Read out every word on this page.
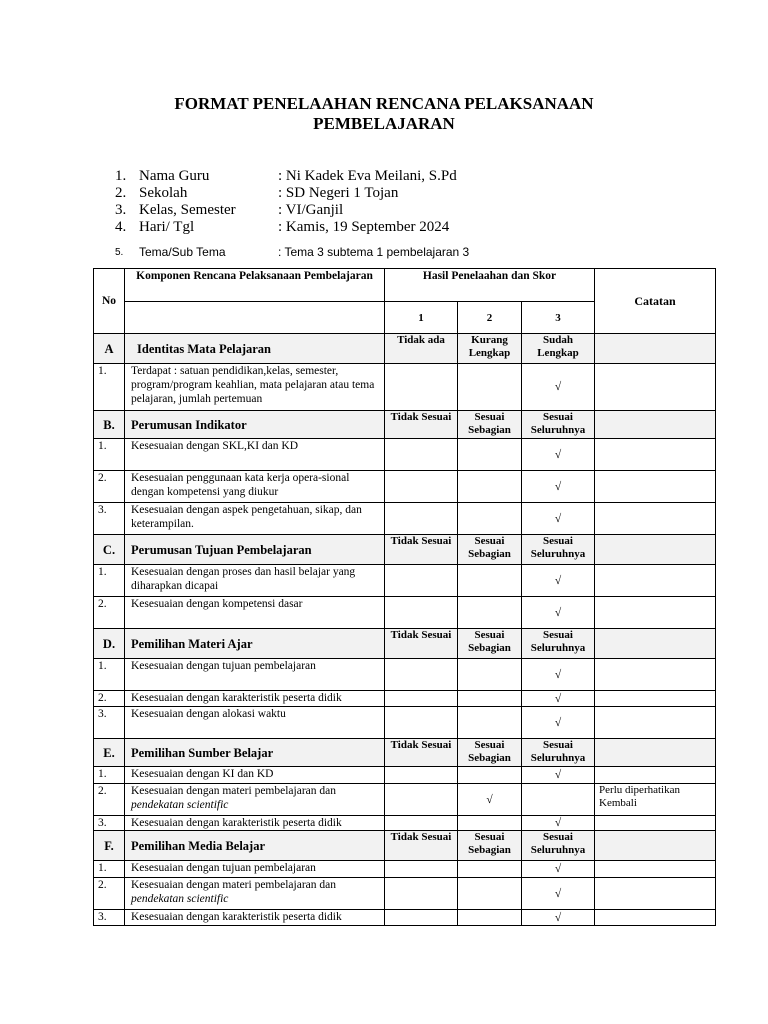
FORMAT PENELAAHAN RENCANA PELAKSANAAN
PEMBELAJARAN
1. Nama Guru	: Ni Kadek Eva Meilani, S.Pd
2. Sekolah	: SD Negeri 1 Tojan
3. Kelas, Semester	: VI/Ganjil
4. Hari/ Tgl	: Kamis, 19 September 2024
5.	Tema/Sub Tema	: Tema 3 subtema 1 pembelajaran 3
No	Komponen Rencana Pelaksanaan Pembelajaran	Hasil Penelaahan dan Skor			Catatan
		1	2	3	
A	Identitas Mata Pelajaran	Tidak ada	Kurang Lengkap	Sudah Lengkap	
1.	Terdapat : satuan pendidikan,kelas, semester, program/program keahlian, mata pelajaran atau tema pelajaran, jumlah pertemuan			√	
B.	Perumusan Indikator	Tidak Sesuai	Sesuai Sebagian	Sesuai Seluruhnya	
1.	Kesesuaian dengan SKL,KI dan KD			√	
2.	Kesesuaian penggunaan kata kerja opera-sional dengan kompetensi yang diukur			√	
3.	Kesesuaian dengan aspek pengetahuan, sikap, dan keterampilan.			√	
C.	Perumusan Tujuan Pembelajaran	Tidak Sesuai	Sesuai Sebagian	Sesuai Seluruhnya	
1.	Kesesuaian dengan proses dan hasil belajar yang diharapkan dicapai			√	
2.	Kesesuaian dengan kompetensi dasar			√	
D.	Pemilihan Materi Ajar	Tidak Sesuai	Sesuai Sebagian	Sesuai Seluruhnya	
1.	Kesesuaian dengan tujuan pembelajaran			√	
2.	Kesesuaian dengan karakteristik peserta didik			√	
3.	Kesesuaian dengan alokasi waktu			√	
E.	Pemilihan Sumber Belajar	Tidak Sesuai	Sesuai Sebagian	Sesuai Seluruhnya	
1.	Kesesuaian dengan KI dan KD			√	
2.	Kesesuaian dengan materi pembelajaran dan
pendekatan scientific		√		Perlu diperhatikan Kembali
3.	Kesesuaian dengan karakteristik peserta didik			√	
F.	Pemilihan Media Belajar	Tidak Sesuai	Sesuai Sebagian	Sesuai Seluruhnya	
1.	Kesesuaian dengan tujuan pembelajaran			√	
2.	Kesesuaian dengan materi pembelajaran dan
pendekatan scientific			√	
3.	Kesesuaian dengan karakteristik peserta didik			√	
